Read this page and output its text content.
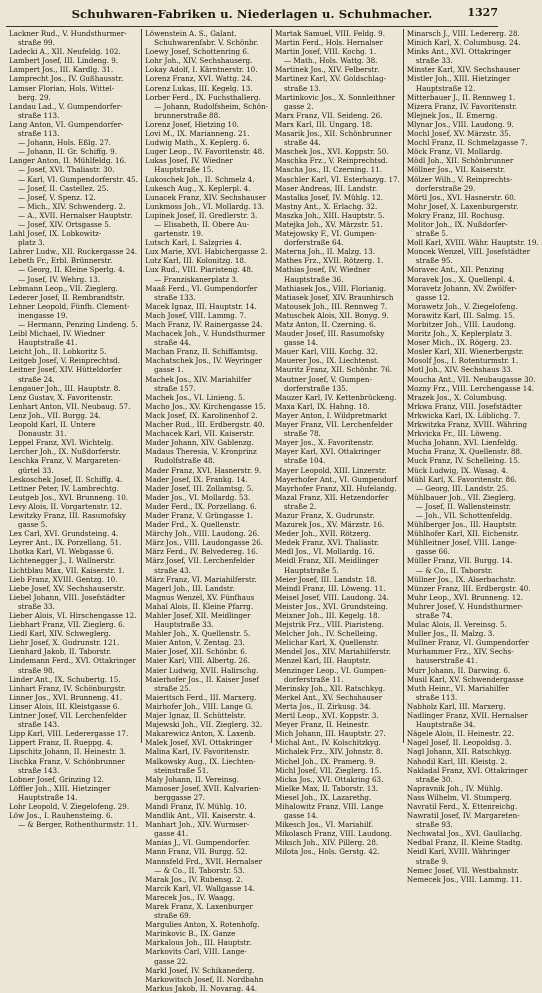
Schuhwaren-Fabriken u. Niederlagen u. Schuhmacher.	1327
Lackner Rud., V. Hundsthurmer-
straße 99.
Ladecki A., XII. Neufeldg. 102.
Lambert Josef, III. Lindeng. 9.
Lampert Jos., III. Kardlg. 31.
Lamprecht Jos., IV. Gußhausstr.
Lamser Florian, Hols. Wittel-
berg. 29.
Landau Lad., V. Gumpendorfer-
straße 113.
Lang Anton, VI. Gumpendorfer-
straße 113.
— Johann, Hols. Eßlg. 27.
— Johann, II. Gr. Schiffg. 9.
Langer Anton, II. Mühlfeldg. 16.
— Josef, XVI. Thaliastr. 30.
— Karl, VI. Gumpendorferstr. 45.
— Josef, II. Castellez. 25.
— Josef, V. Spenz. 12.
— Mich., XIV. Schwenderg. 2.
— A., XVII. Hernalser Hauptstr.
— Josef, XIV. Ortsgasse 5.
Lahl Josef, IX. Lobkowitz-
platz 3.
Lahrer Ludw., XII. Ruckergasse 24.
Lebeth Fr., Erbl. Brünnerstr.
— Georg, II. Kleine Sperlg. 4.
— Josef, IV. Wehrg. 13.
Lebmann Leop., VII. Zieglerg.
Lederer Josef, II. Rembrandtstr.
Lehner Leopold, Fünfh. Clement-
inengasse 19.
— Hermann, Penzing Lindeng. 5.
Leibl Michael, IV. Wiedner
Hauptstraße 41.
Leicht Joh., II. Lobkoritz 5.
Leitgeb Josef, V. Reinprechtsd.
Leitner Josef, XIV. Hütteldorfer
straße 24.
Lengauer Joh., III. Hauptstr. 8.
Lenz Gustav, X. Favoritenstr.
Lenhart Anton, VII. Neubaug. 57.
Lenz Joh., VII. Burgg. 24.
Leopold Karl, II. Untere
Donaustr. 31.
Leppel Franz, XVI. Wichtelg.
Lercher Joh., IX. Nußdorferstr.
Leschka Franz, V. Margareten-
gürtel 33.
Leskoschek Josef, II. Schiffg. 4.
Lettner Peter, IV. Lambrechtg.
Leutgeb Jos., XVI. Brunneng. 10.
Levy Alois, II. Vorgartenstr. 12.
Lewitzky Franz, III. Rasumofsky
gasse 5.
Lex Carl, XVI. Grundsteing. 4.
Leyrer Ant., IX. Porzellang. 51.
Lhotka Karl, VI. Webgasse 6.
Lichtenegger J., I. Wallnerstr.
Lichtblau Max, VII. Kaiserstr. 1.
Lieb Franz, XVIII. Gentzg. 10.
Liebe Josef, XV. Sechshauserstr.
Liebel Johann, VIII. Josefstädter
straße 33.
Lieber Alois, VI. Hirschengasse 12.
Liebhart Franz, VII. Zieglerg. 6.
Liedl Karl, XIV. Schweglerg.
Liehr Josef, X. Gudrunstr. 121.
Lienhard Jakob, II. Taborstr.
Lindemann Ferd., XVI. Ottakringer
straße 98.
Linder Ant., IX. Schubertg. 15.
Linhart Franz, IV. Schönburgstr.
Linner Jos., XVI. Brunneng. 41.
Linser Alois, III. Kleistgasse 6.
Lintner Josef, VII. Lerchenfelder
straße 143.
Lipp Karl, VIII. Lederergasse 17.
Lippert Franz, II. Rueppg. 4.
Lipschitz Johann, II. Heinestr. 3.
Lischka Franz, V. Schönbrunner
straße 143.
Lobner Josef, Grinzing 12.
Löffler Joh., XIII. Hietzinger
Hauptstraße 14.
Lohr Leopold, V. Ziegelofeng. 29.
Löw Jos., I. Rauhensteing. 6.
— & Berger, Rothenthurmstr. 11.
Löwenstein A. S., Galant.
Schuhwarenfabr. V. Schönbr.
Loewy Josef, Schottenring 6.
Lohr Joh., XIV. Sechshauserg.
Lokay Adolf, I. Kärntnerstr. 10.
Lorenz Franz, XVI. Wattg. 24.
Lorenz Lukas, III. Kegelg. 13.
Lorber Ferd., IX. Fuchsthallerg.
— Johann, Rudolfsheim, Schön-
brunnerstraße 88.
Lorenz Josef, Hietzing 10.
Lovi M., IX. Marianneng. 21.
Ludwig Math., X. Keplerg. 6.
Luger Leop., IV. Favoritenstr. 48.
Lukas Josef, IV. Wiedner
Hauptstraße 15.
Lukoschek Joh., II. Schmelz 4.
Lukesch Aug., X. Keplerpl. 4.
Lunacek Franz, XIV. Sechshauser
Lunkmoss Joh., VI. Mollardg. 13.
Lupinek Josef, II. Gredlerstr. 3.
— Elisabeth, II. Obere Au-
gartenstr. 19.
Lutsch Karl, I. Salzgries 4.
Lux Marie, XVI. Habichergasse 2.
Lutz Karl, III. Kolonitzg. 18.
Lux Rud., VIII. Piaristeng. 48.
— Franziskanerplatz 3.
Maaß Ferd., VI. Gumpendorfer
straße 133.
Macek Ignaz, III. Hauptstr. 14.
Mach Josef, VIII. Lammg. 7.
Mach Franz, IV. Rainergasse 24.
Machacek Joh., V. Hundsthurmer
straße 44.
Machan Franz, II. Schiffamtsg.
Machatschek Jos., IV. Weyringer
gasse 1.
Machek Jos., XIV. Mariahilfer
straße 157.
Machek Jos., VI. Linieng. 5.
Macho Jos., XV. Kirchengasse 15.
Mack Josef, IX. Karolinenhof 2.
Macher Rud., III. Erdbergstr. 40.
Machacek Karl, VII. Kaiserstr.
Mader Johann, XIV. Gablenzg.
Madaus Theresia, V. Kronprinz
Rudolfstraße 48.
Mader Franz, XVI. Hasnerstr. 9.
Mader Josef, IX. Frankg. 14.
Mader Josef, III. Zollamtsg. 5.
Mader Jos., VI. Mollardg. 53.
Mader Ferd., IX. Porzellang. 6.
Mader Franz, V. Grüngasse 1.
Mader Frd., X. Quellenstr.
Märchy Joh., VIII. Laudong. 26.
März Jos., VIII. Laudongasse 26.
März Ferd., IV. Belvedereg. 16.
März Josef, VII. Lerchenfelder
straße 43.
März Franz, VI. Mariahilferstr.
Magerl Joh., III. Landstr.
Magnus Wenzel, XV. Fünfhaus
Mahal Alois, II. Kleine Pfarrg.
Mahler Josef, XII. Meidlinger
Hauptstraße 33.
Mahler Joh., X. Quellenstr. 5.
Maier Anton, V. Zentag. 23.
Maier Josef, XII. Schönbr. 6.
Maier Karl, VIII. Albertg. 26.
Maier Ludwig, XVII. Halirschg.
Maierhofer Jos., II. Kaiser Josef
straße 25.
Maieritsch Ferd., III. Marxerg.
Mairhofer Joh., VIII. Lange G.
Majer Ignaz, II. Schüttelstr.
Majewski Joh., VII. Zieglerg. 32.
Makarewicz Anton, X. Laxenb.
Malek Josef, XVI. Ottakringer
Malina Karl, IV. Favoritenstr.
Malkowsky Aug., IX. Liechten-
steinstraße 51.
Maly Johann, II. Vereinsg.
Mamoser Josef, XVII. Kalvarien-
berggasse 27.
Mandl Franz, IV. Mühlg. 10.
Mandlik Ant., VII. Kaiserstr. 4.
Manhart Joh., XIV. Wurmser-
gasse 41.
Manias J., VI. Gumpendorfer.
Mann Franz, VII. Burgg. 52.
Mannsfeld Frd., XVII. Hernalser
— & Co., II. Taborstr. 53.
Marak Jos., IV. Rubensg. 2.
Marcik Karl, VI. Wallgasse 14.
Marecek Jos., IV. Waagg.
Marek Franz, X. Laxenburger
straße 69.
Margulies Anton, X. Rotenhofg.
Marinkovic B., IX. Ganze
Markalous Joh., III. Hauptstr.
Markovits Carl, VIII. Lange-
gasse 22.
Markl Josef, IV. Schikanederg.
Markowitsch Josef, II. Nordbahn
Markus Jakob, II. Novarag. 44.
Martak Samuel, VIII. Feldg. 9.
Martin Ferd., Hols. Hernalser
Martin Josef, VIII. Kochg. 1.
— Math., Hols. Wattg. 38.
Martinek Jos., XIV. Felberstr.
Martinez Karl, XV. Goldschlag-
straße 13.
Martinkovic Jos., X. Sonnleithner
gasse 2.
Marx Franz, VII. Seideng. 26.
Marx Karl, III. Ungarg. 18.
Masarik Jos., XII. Schönbrunner
straße 44.
Maschek Jos., XVI. Koppstr. 50.
Maschka Frz., V. Reinprechtsd.
Mascha Jos., II. Czerning. 11.
Maschler Karl, VI. Esterhazyg. 17.
Maser Andreas, III. Landstr.
Mastalka Josef, IV. Mühlg. 12.
Mastny Ant., X. Erlachg. 32.
Maszka Joh., XIII. Hauptstr. 5.
Matejka Joh., XV. Märzstr. 51.
Matejowsky F., VI. Gumpen-
dorferstraße 64.
Materna Joh., II. Malzg. 13.
Mathes Frz., XVII. Rötzerg. 1.
Mathias Josef, IV. Wiedner
Hauptstraße 36.
Mathiasek Jos., VIII. Florianig.
Matiasek Josef, XIV. Braunhirsch
Matousek Joh., III. Rennweg 7.
Matuschek Alois, XII. Bonyg. 9.
Matz Anton, II. Czerning. 6.
Mauder Josef, III. Rasumofsky
gasse 14.
Mauer Karl, VIII. Kochg. 32.
Mauerer Jos., IX. Liechtenst.
Mauritz Franz, XII. Schönbr. 76.
Mautner Josef, V. Gumpen-
dorferstraße 135.
Mauzer Karl, IV. Kettenbrückeng.
Maxa Karl, IX. Hahng. 18.
Mayer Anton, I. Wildpretmarkt
Mayer Franz, VII. Lerchenfelder
straße 78.
Mayer Jos., X. Favoritenstr.
Mayer Karl, XVI. Ottakringer
straße 104.
Mayer Leopold, XIII. Linzerstr.
Mayerhofer Ant., VI. Gumpendorf
Mayrhofer Franz, XII. Hufelandg.
Mazal Franz, XII. Hetzendorfer
straße 2.
Mazur Franz, X. Gudrunstr.
Mazurek Jos., XV. Märzstr. 16.
Meder Joh., XVII. Rötzerg.
Medek Franz, XVI. Thaliastr.
Medl Jos., VI. Mollardg. 16.
Meidl Franz, XII. Meidlinger
Hauptstraße 5.
Meier Josef, III. Landstr. 18.
Meindl Franz, III. Löweng. 11.
Meisel Josef, VIII. Laudong. 24.
Meister Jos., XVI. Grundsteing.
Meixner Joh., III. Kegelg. 18.
Mejstrik Frz., VIII. Piaristeng.
Melcher Joh., IV. Schelleing.
Melichar Karl, X. Quellenstr.
Mendel Jos., XIV. Mariahilferstr.
Menzel Karl, III. Hauptstr.
Menzinger Leop., VI. Gumpen-
dorferstraße 11.
Merinsky Joh., XII. Ratschkyg.
Merkel Ant., XV. Sechshauser
Merta Jos., II. Zirkusg. 34.
Mertl Leop., XVI. Koppstr. 3.
Meyer Franz, II. Heinestr.
Mich Johann, III. Hauptstr. 27.
Michal Ant., IV. Kolschitzkyg.
Michalek Frz., XIV. Johnstr. 8.
Michel Joh., IX. Pramerg. 9.
Michl Josef, VII. Zieglerg. 15.
Micka Jos., XVI. Ottakring 63.
Mielke Max, II. Taborstr. 13.
Miesel Joh., IX. Lazarethg.
Mihalowitz Franz, VIII. Lange
gasse 14.
Mikesch Jos., VI. Mariahilf.
Mikolasch Franz, VIII. Laudong.
Miksch Joh., XIV. Pillerg. 28.
Milota Jos., Hols. Gerstg. 42.
Minarsch J., VIII. Ledererg. 28.
Minich Karl, X. Columbusg. 24.
Minks Ant., XVI. Ottakringer
straße 33.
Minster Karl, XIV. Sechshauser
Mistler Joh., XIII. Hietzinger
Hauptstraße 12.
Mitterbauer J., II. Rennweg 1.
Mizera Franz, IV. Favoritenstr.
Mlejnek Jos., II. Emerng.
Mlynar Jos., VIII. Laudong. 9.
Mochl Josef, XV. Märzstr. 35.
Mochl Franz, II. Schmelzgasse 7.
Möck Franz, VI. Mollardg.
Mödl Joh., XII. Schönbrunner
Möllner Jos., VII. Kaiserstr.
Mölzer Wilh., V. Reinprechts-
dorferstraße 29.
Mörtl Jos., XVI. Hasnerstr. 60.
Mohr Josef, X. Laxenburgerstr.
Mokry Franz, III. Rochusg.
Molitor Joh., IX. Nußdorfer-
straße 5.
Moll Karl, XVIII. Währ. Hauptstr. 19.
Moncek Wenzel, VIII. Josefstädter
straße 95.
Moravec Ant., XII. Penzing
Moravek Jos., X. Quellenpl. 4.
Moravetz Johann, XV. Zwölfer-
gasse 12.
Morawetz Joh., V. Ziegelofeng.
Morawitz Karl, III. Salmg. 15.
Morbitzer Joh., VIII. Laudong.
Moritz Joh., X. Keplerplatz 3.
Moser Mich., IX. Rögerg. 23.
Mosler Karl, XII. Wienerbergstr.
Mosolf Jos., I. Rotenturmstr. 1.
Motl Joh., XIV. Sechshaus 33.
Moucha Ant., VII. Neubaugasse 30.
Mozny Frz., VIII. Lerchengasse 14.
Mrazek Jos., X. Columbusg.
Mrkwa Franz, VIII. Josefstädter
Mrkwicka Karl, IX. Löblichg. 7.
Mrkwitzka Franz, XVIII. Währing
Mrkvicka Fr., III. Löweng.
Mucha Johann, XVI. Lienfeldg.
Mucha Franz, X. Quellenstr. 88.
Muck Franz, IV. Schelleing. 15.
Mück Ludwig, IX. Wasag. 4.
Mühl Karl, X. Favoritenstr. 86.
— Georg, III. Landstr. 25.
Mühlbauer Joh., VII. Zieglerg.
— Josef, II. Wallensteinstr.
— Joh., VII. Schottenfeldg.
Mühlberger Jos., III. Hauptstr.
Mühlhofer Karl, XII. Eichenstr.
Mühlleitner Josef, VIII. Lange-
gasse 66.
Müller Franz, VII. Burgg. 14.
— & Co., II. Taborstr.
Müllner Jos., IX. Alserbachstr.
Münzer Franz, III. Erdbergstr. 40.
Muhr Leop., XVI. Brunneng. 12.
Muhrer Josef, V. Hundsthurmer-
straße 74.
Mulac Alois, II. Vereinsg. 5.
Muller Jos., II. Malzg. 3.
Mullner Franz, VI. Gumpendorfer
Murhammer Frz., XIV. Sechs-
hauserstraße 41.
Murr Johann, II. Darwing. 6.
Musil Karl, XV. Schwendergasse
Muth Heinr., VI. Mariahilfer
straße 113.
Nabholz Karl, III. Marxerg.
Nadlinger Franz, XVII. Hernalser
Hauptstraße 34.
Nägele Alois, II. Heinestr. 22.
Nagel Josef, II. Leopoldsg. 3.
Nagl Johann, XII. Ratschkyg.
Nahodil Karl, III. Kleistg. 2.
Nakladal Franz, XVI. Ottakringer
straße 30.
Napravnik Joh., IV. Mühlg.
Nass Wilhelm, VI. Stumperg.
Navratil Ferd., X. Ettenreichg.
Nawratil Josef, IV. Margareten-
straße 93.
Nechwatal Jos., XVI. Gaullachg.
Nedbal Franz, II. Kleine Stadtg.
Neidl Karl, XVIII. Währinger
straße 9.
Nemec Josef, VII. Westbahnstr.
Nemecek Jos., VIII. Lammg. 11.
